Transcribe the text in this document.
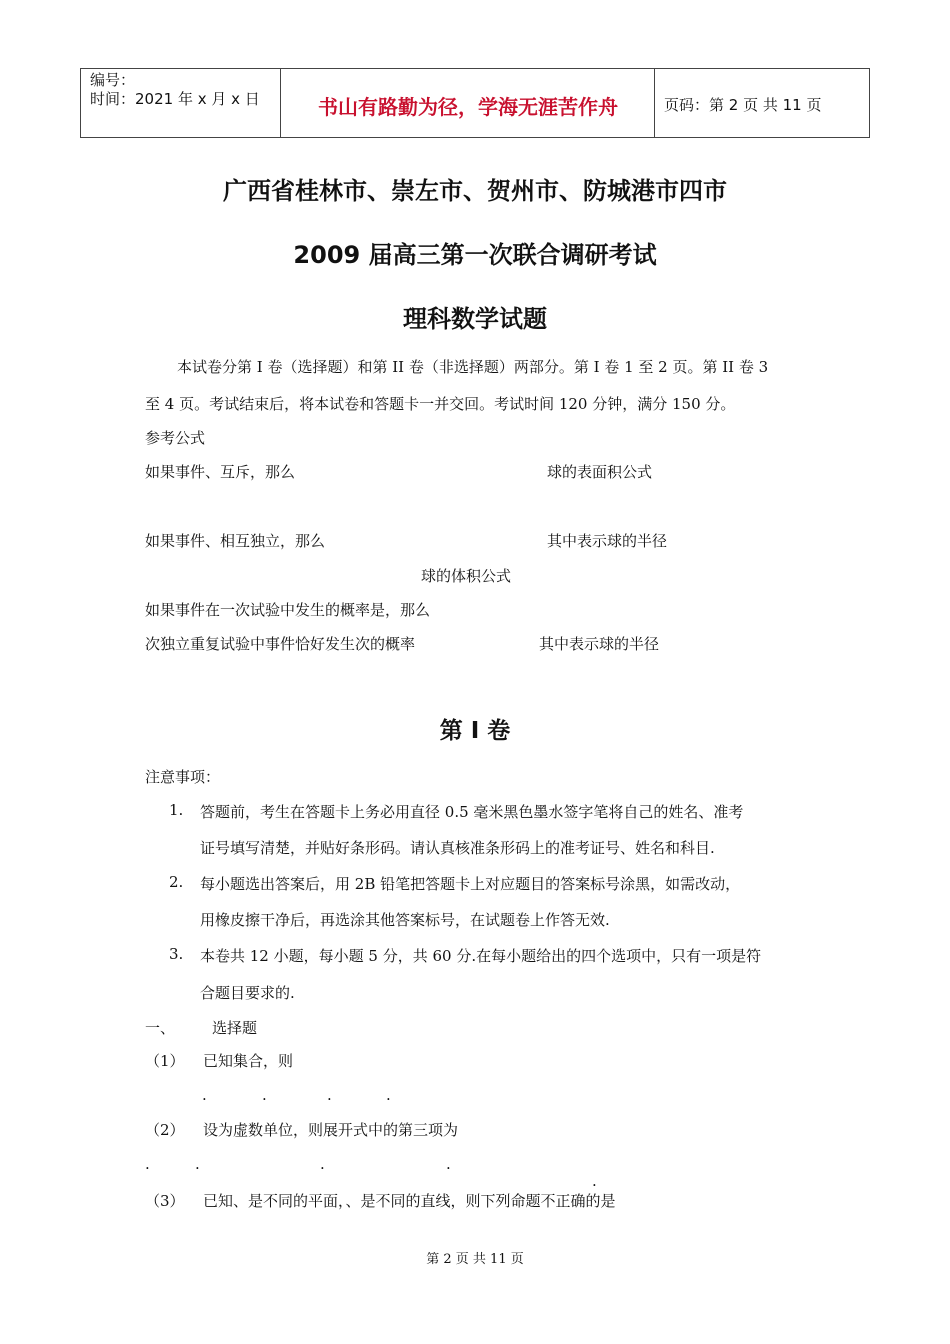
编号：
时间：2021 年 x 月 x 日	书山有路勤为径，学海无涯苦作舟	页码：第 2 页 共 11 页
广西省桂林市、崇左市、贺州市、防城港市四市
2009 届高三第一次联合调研考试
理科数学试题
本试卷分第 I 卷（选择题）和第 II 卷（非选择题）两部分。第 I 卷 1 至 2 页。第 II 卷 3
至 4 页。考试结束后，将本试卷和答题卡一并交回。考试时间 120 分钟，满分 150 分。
参考公式
如果事件、互斥，那么	球的表面积公式
如果事件、相互独立，那么	其中表示球的半径
球的体积公式
如果事件在一次试验中发生的概率是，那么
次独立重复试验中事件恰好发生次的概率	其中表示球的半径
第 I 卷
注意事项：
1. 答题前，考生在答题卡上务必用直径 0.5 毫米黑色墨水签字笔将自己的姓名、准考
证号填写清楚，并贴好条形码。请认真核准条形码上的准考证号、姓名和科目.
2. 每小题选出答案后，用 2B 铅笔把答题卡上对应题目的答案标号涂黑，如需改动，
用橡皮擦干净后，再选涂其他答案标号，在试题卷上作答无效.
3. 本卷共 12 小题，每小题 5 分，共 60 分.在每小题给出的四个选项中，只有一项是符
合题目要求的.
一、 选择题
（1） 已知集合，则
.	.	.	.
（2） 设为虚数单位，则展开式中的第三项为
.	.	.	.
（3） 已知、是不同的平面，、是不同的直线，则下列命题不正确的是
.
第 2 页 共 11 页
